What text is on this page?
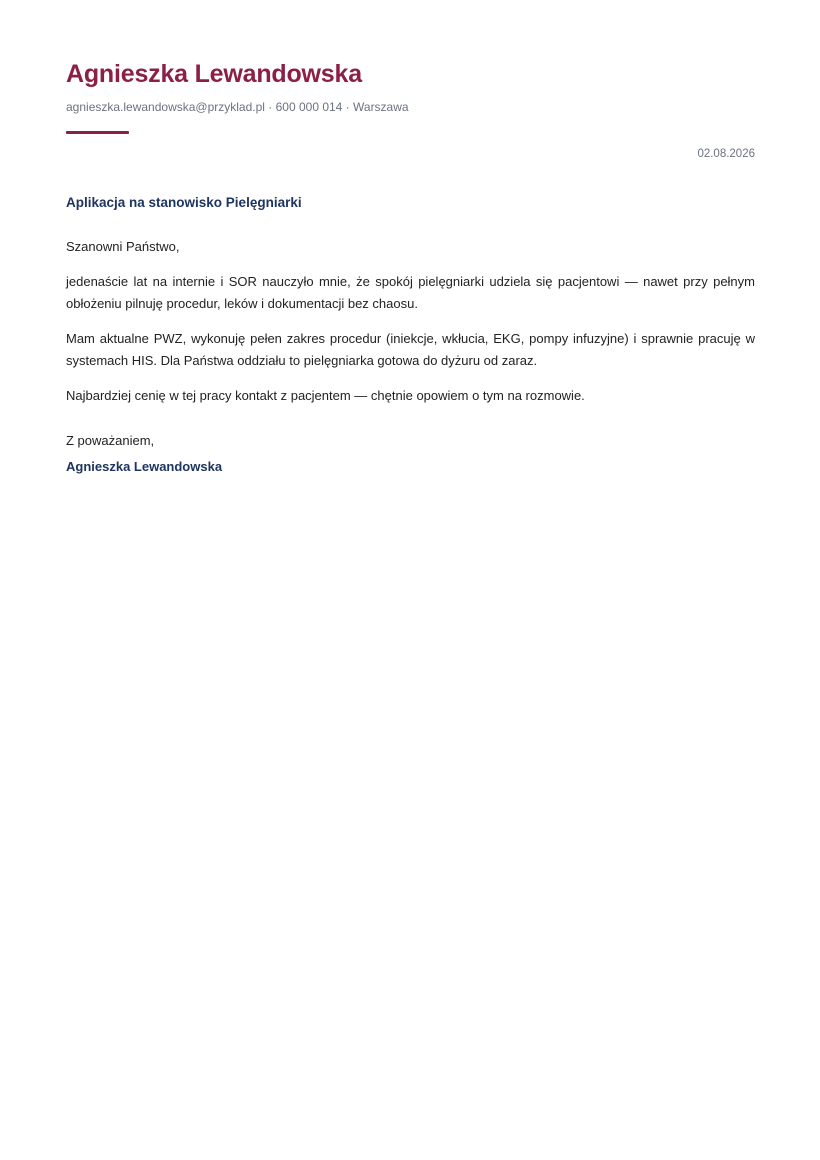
Agnieszka Lewandowska
agnieszka.lewandowska@przyklad.pl · 600 000 014 · Warszawa
02.08.2026
Aplikacja na stanowisko Pielęgniarki

Szanowni Państwo,

jedenaście lat na internie i SOR nauczyło mnie, że spokój pielęgniarki udziela się pacjentowi — nawet przy pełnym obłożeniu pilnuję procedur, leków i dokumentacji bez chaosu.

Mam aktualne PWZ, wykonuję pełen zakres procedur (iniekcje, wkłucia, EKG, pompy infuzyjne) i sprawnie pracuję w systemach HIS. Dla Państwa oddziału to pielęgniarka gotowa do dyżuru od zaraz.

Najbardziej cenię w tej pracy kontakt z pacjentem — chętnie opowiem o tym na rozmowie.

Z poważaniem,

Agnieszka Lewandowska
